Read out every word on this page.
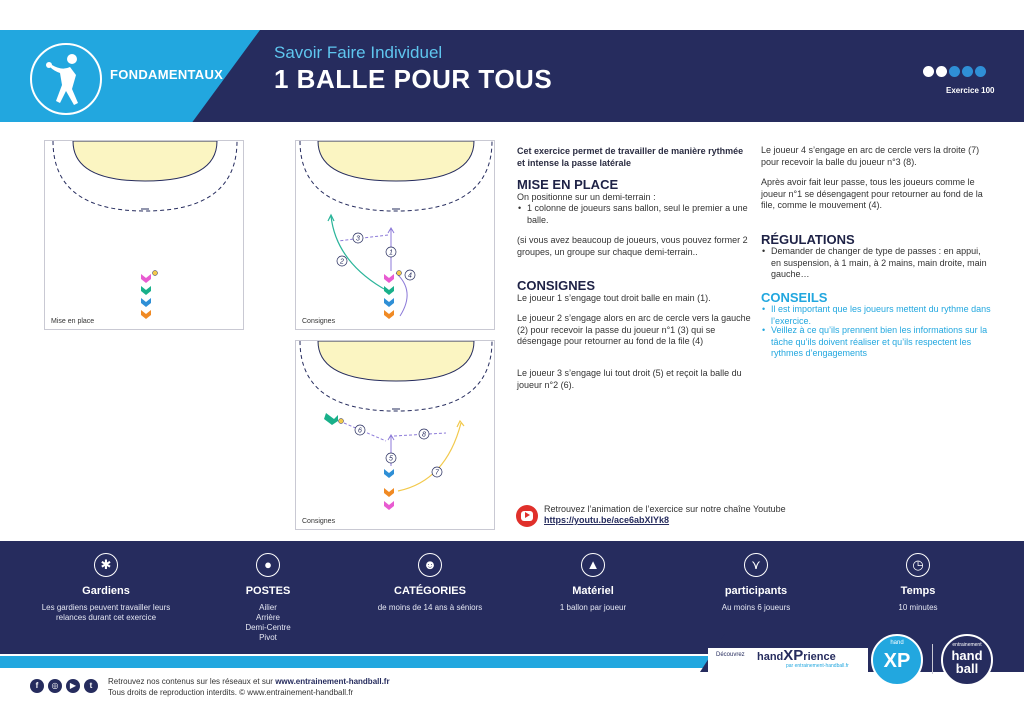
FONDAMENTAUX
Savoir Faire Individuel
1 BALLE POUR TOUS	Exercice 100
Mise en place
1
2
3
4
Consignes
5
6
7
8
Consignes
Cet exercice permet de travailler de manière rythmée et intense la passe latérale
MISE EN PLACE
On positionne sur un demi-terrain :
• 1 colonne de joueurs sans ballon, seul le premier a une balle.
(si vous avez beaucoup de joueurs, vous pouvez former 2 groupes, un groupe sur chaque demi-terrain..
CONSIGNES
Le joueur 1 s’engage tout droit balle en main (1).
Le joueur 2 s’engage alors en arc de cercle vers la gauche (2) pour recevoir la passe du joueur n°1 (3) qui se désengage pour retourner au fond de la file (4)
Le joueur 3 s’engage lui tout droit (5) et reçoit la balle du joueur n°2 (6).
Le joueur 4 s’engage en arc de cercle vers la droite (7) pour recevoir la balle du joueur n°3 (8).
Après avoir fait leur passe, tous les joueurs comme le joueur n°1 se désengagent pour retourner au fond de la file, comme le mouvement (4).
RÉGULATIONS
• Demander de changer de type de passes : en appui, en suspension, à 1 main, à 2 mains, main droite, main gauche…
CONSEILS
• Il est important que les joueurs mettent du rythme dans l’exercice.
• Veillez à ce qu’ils prennent bien les informations sur la tâche qu’ils doivent réaliser et qu’ils respectent les rythmes d’engagements
Retrouvez l’animation de l’exercice sur notre chaîne Youtube
https://youtu.be/ace6abXIYk8
✱
Gardiens
Les gardiens peuvent travailler leurs
relances durant cet exercice
●
POSTES
Ailier
Arrière
Demi-Centre
Pivot
☻
CATÉGORIES
de moins de 14 ans à séniors
▲
Matériel
1 ballon par joueur
⋎
participants
Au moins 6 joueurs
◷
Temps
10 minutes
Découvrez handXPrience
par entrainement-handball.fr
hand
XP
entrainement
hand
ball
f	◎	▶	t	Retrouvez nos contenus sur les réseaux et sur www.entrainement-handball.fr
Tous droits de reproduction interdits. © www.entrainement-handball.fr
